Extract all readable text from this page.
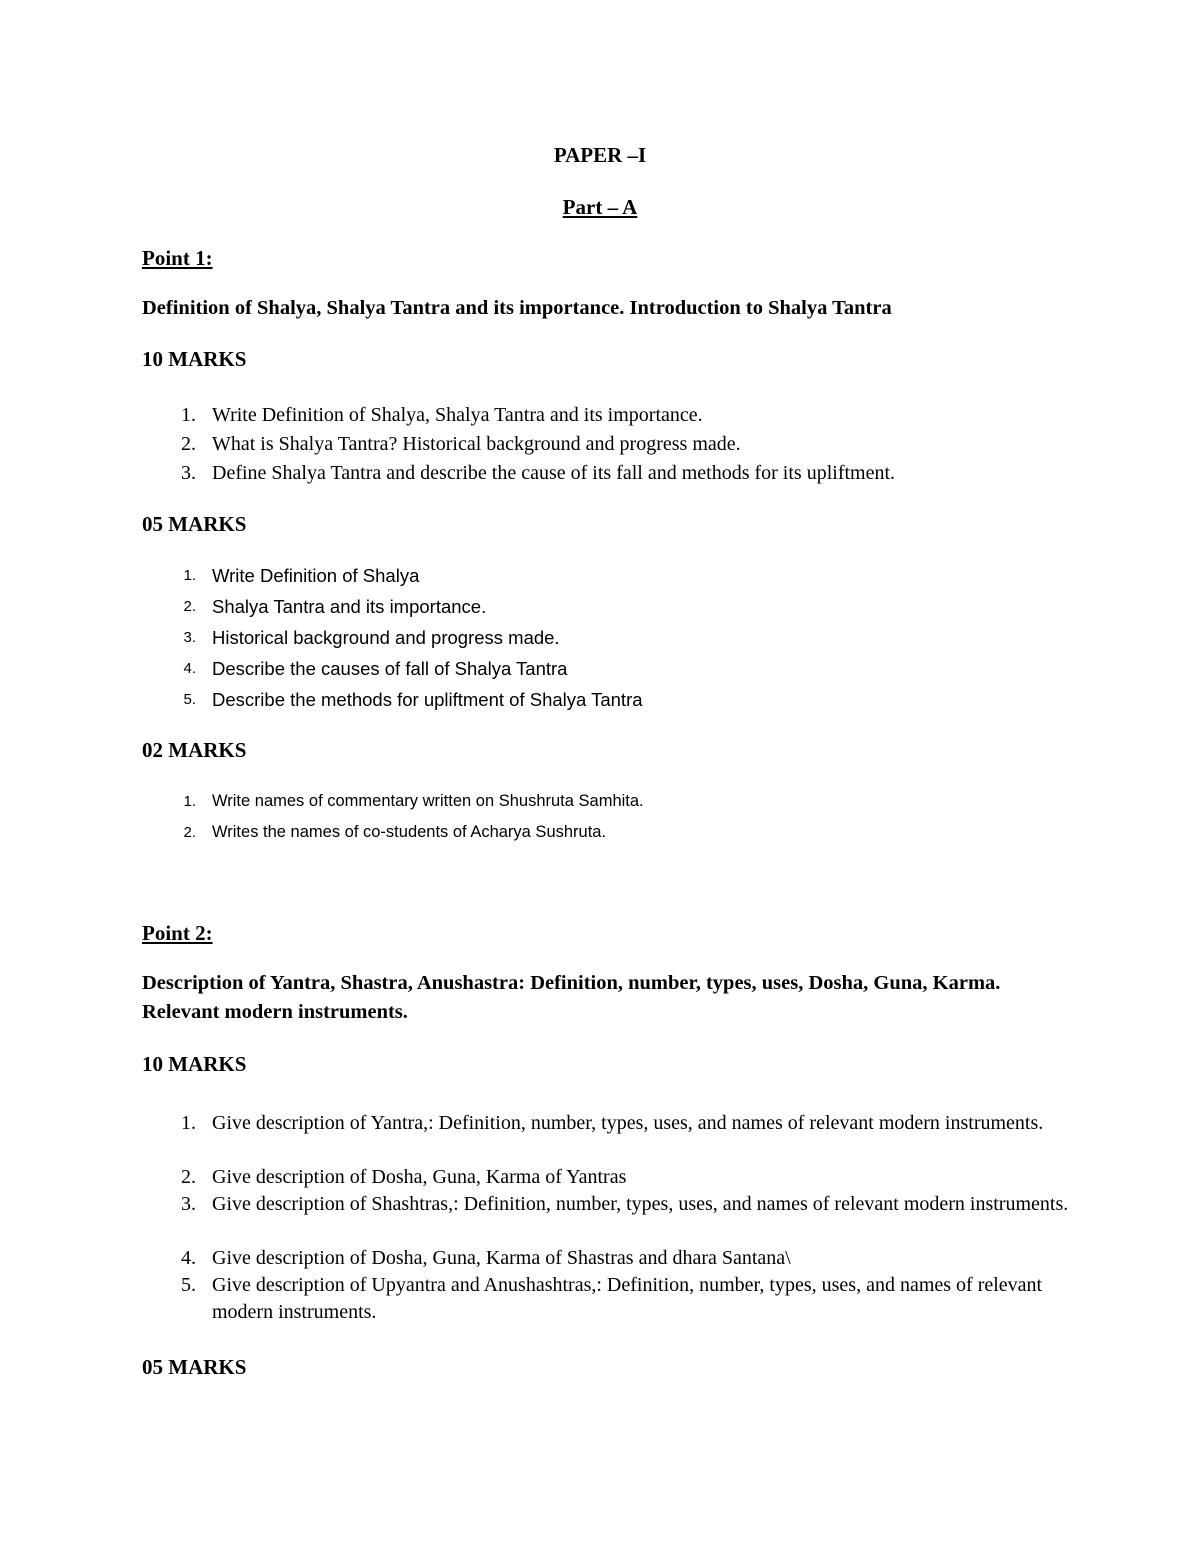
PAPER –I
Part – A
Point 1:
Definition of Shalya, Shalya Tantra and its importance. Introduction to Shalya Tantra
10 MARKS
1. Write Definition of Shalya, Shalya Tantra and its importance.
2. What is Shalya Tantra? Historical background and progress made.
3. Define Shalya Tantra and describe the cause of its fall and methods for its upliftment.
05 MARKS
1. Write Definition of Shalya
2. Shalya Tantra and its importance.
3. Historical background and progress made.
4. Describe the causes of fall of Shalya Tantra
5. Describe the methods for upliftment of Shalya Tantra
02 MARKS
1. Write names of commentary written on Shushruta Samhita.
2. Writes the names of co-students of Acharya Sushruta.
Point 2:
Description of Yantra, Shastra, Anushastra: Definition, number, types, uses, Dosha, Guna, Karma. Relevant modern instruments.
10 MARKS
1. Give description of Yantra,: Definition, number, types, uses, and names of relevant modern instruments.
2. Give description of Dosha, Guna, Karma of Yantras
3. Give description of Shashtras,: Definition, number, types, uses, and names of relevant modern instruments.
4. Give description of Dosha, Guna, Karma of Shastras and dhara Santana\
5. Give description of Upyantra and Anushashtras,: Definition, number, types, uses, and names of relevant modern instruments.
05 MARKS
